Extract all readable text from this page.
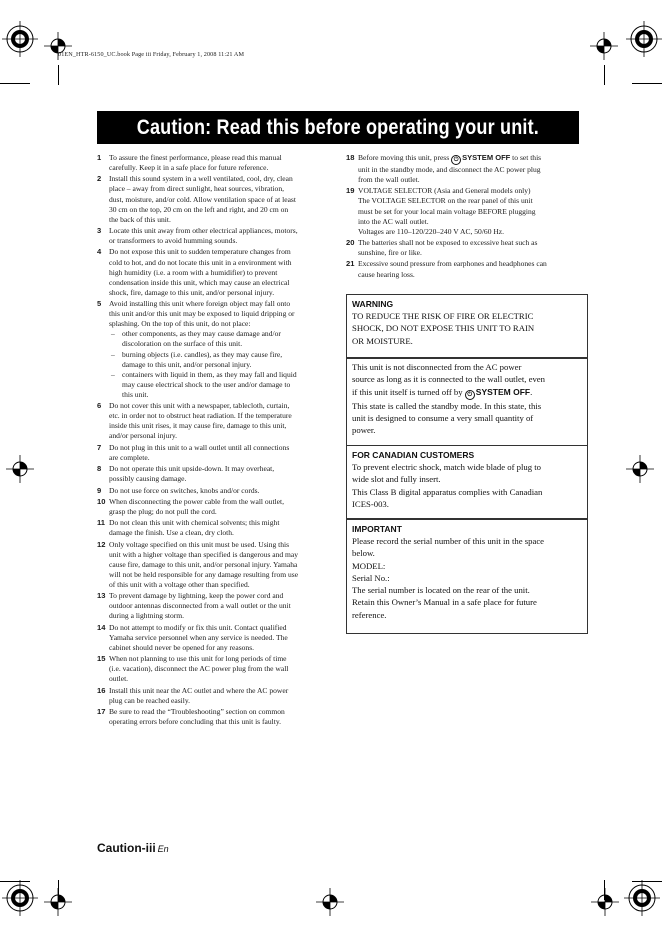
01EN_HTR-6150_UC.book Page iii Friday, February 1, 2008 11:21 AM
Caution: Read this before operating your unit.
1 To assure the finest performance, please read this manual
carefully. Keep it in a safe place for future reference.
2 Install this sound system in a well ventilated, cool, dry, clean
place – away from direct sunlight, heat sources, vibration,
dust, moisture, and/or cold. Allow ventilation space of at least
30 cm on the top, 20 cm on the left and right, and 20 cm on
the back of this unit.
3 Locate this unit away from other electrical appliances, motors,
or transformers to avoid humming sounds.
4 Do not expose this unit to sudden temperature changes from
cold to hot, and do not locate this unit in a environment with
high humidity (i.e. a room with a humidifier) to prevent
condensation inside this unit, which may cause an electrical
shock, fire, damage to this unit, and/or personal injury.
5 Avoid installing this unit where foreign object may fall onto
this unit and/or this unit may be exposed to liquid dripping or
splashing. On the top of this unit, do not place:
– other components, as they may cause damage and/or
discoloration on the surface of this unit.
– burning objects (i.e. candles), as they may cause fire,
damage to this unit, and/or personal injury.
– containers with liquid in them, as they may fall and liquid
may cause electrical shock to the user and/or damage to
this unit.
6 Do not cover this unit with a newspaper, tablecloth, curtain,
etc. in order not to obstruct heat radiation. If the temperature
inside this unit rises, it may cause fire, damage to this unit,
and/or personal injury.
7 Do not plug in this unit to a wall outlet until all connections
are complete.
8 Do not operate this unit upside-down. It may overheat,
possibly causing damage.
9 Do not use force on switches, knobs and/or cords.
10 When disconnecting the power cable from the wall outlet,
grasp the plug; do not pull the cord.
11 Do not clean this unit with chemical solvents; this might
damage the finish. Use a clean, dry cloth.
12 Only voltage specified on this unit must be used. Using this
unit with a higher voltage than specified is dangerous and may
cause fire, damage to this unit, and/or personal injury. Yamaha
will not be held responsible for any damage resulting from use
of this unit with a voltage other than specified.
13 To prevent damage by lightning, keep the power cord and
outdoor antennas disconnected from a wall outlet or the unit
during a lightning storm.
14 Do not attempt to modify or fix this unit. Contact qualified
Yamaha service personnel when any service is needed. The
cabinet should never be opened for any reasons.
15 When not planning to use this unit for long periods of time
(i.e. vacation), disconnect the AC power plug from the wall
outlet.
16 Install this unit near the AC outlet and where the AC power
plug can be reached easily.
17 Be sure to read the “Troubleshooting” section on common
operating errors before concluding that this unit is faulty.
18 Before moving this unit, press ⏻ SYSTEM OFF to set this
unit in the standby mode, and disconnect the AC power plug
from the wall outlet.
19 VOLTAGE SELECTOR (Asia and General models only)
The VOLTAGE SELECTOR on the rear panel of this unit
must be set for your local main voltage BEFORE plugging
into the AC wall outlet.
Voltages are 110–120/220–240 V AC, 50/60 Hz.
20 The batteries shall not be exposed to excessive heat such as
sunshine, fire or like.
21 Excessive sound pressure from earphones and headphones can
cause hearing loss.
WARNING
TO REDUCE THE RISK OF FIRE OR ELECTRIC
SHOCK, DO NOT EXPOSE THIS UNIT TO RAIN
OR MOISTURE.
This unit is not disconnected from the AC power
source as long as it is connected to the wall outlet, even
if this unit itself is turned off by ⏻ SYSTEM OFF.
This state is called the standby mode. In this state, this
unit is designed to consume a very small quantity of
power.
FOR CANADIAN CUSTOMERS
To prevent electric shock, match wide blade of plug to
wide slot and fully insert.
This Class B digital apparatus complies with Canadian
ICES-003.
IMPORTANT
Please record the serial number of this unit in the space
below.
MODEL:
Serial No.:
The serial number is located on the rear of the unit.
Retain this Owner’s Manual in a safe place for future
reference.
Caution-iii En
